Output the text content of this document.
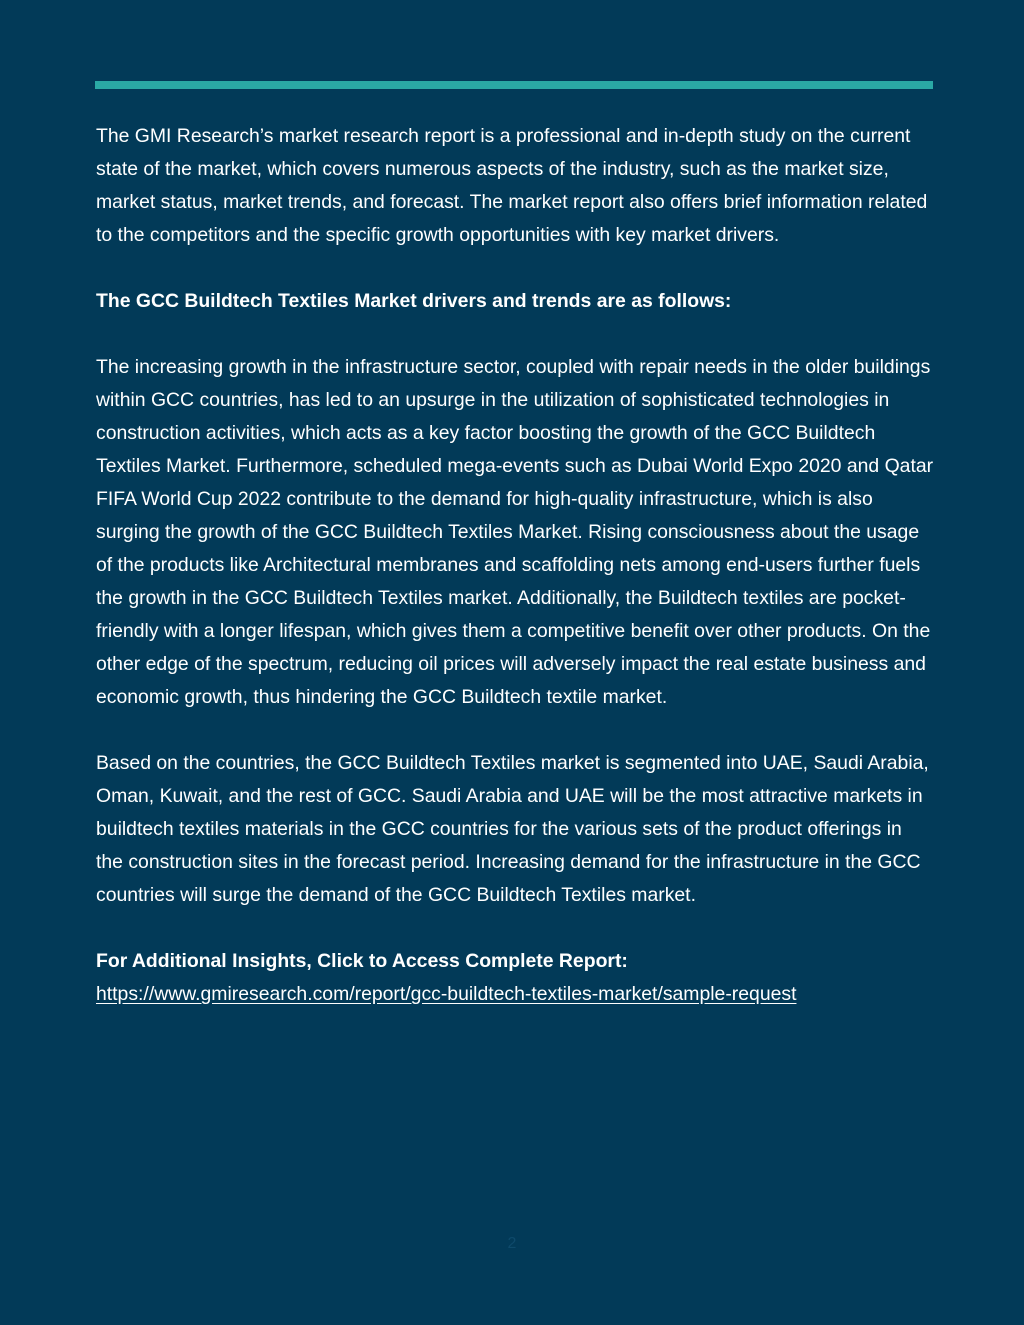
The GMI Research’s market research report is a professional and in-depth study on the current state of the market, which covers numerous aspects of the industry, such as the market size, market status, market trends, and forecast. The market report also offers brief information related to the competitors and the specific growth opportunities with key market drivers.

The GCC Buildtech Textiles Market drivers and trends are as follows:

The increasing growth in the infrastructure sector, coupled with repair needs in the older buildings within GCC countries, has led to an upsurge in the utilization of sophisticated technologies in construction activities, which acts as a key factor boosting the growth of the GCC Buildtech Textiles Market. Furthermore, scheduled mega-events such as Dubai World Expo 2020 and Qatar FIFA World Cup 2022 contribute to the demand for high-quality infrastructure, which is also surging the growth of the GCC Buildtech Textiles Market. Rising consciousness about the usage of the products like Architectural membranes and scaffolding nets among end-users further fuels the growth in the GCC Buildtech Textiles market. Additionally, the Buildtech textiles are pocket-friendly with a longer lifespan, which gives them a competitive benefit over other products. On the other edge of the spectrum, reducing oil prices will adversely impact the real estate business and economic growth, thus hindering the GCC Buildtech textile market.

Based on the countries, the GCC Buildtech Textiles market is segmented into UAE, Saudi Arabia, Oman, Kuwait, and the rest of GCC. Saudi Arabia and UAE will be the most attractive markets in buildtech textiles materials in the GCC countries for the various sets of the product offerings in the construction sites in the forecast period. Increasing demand for the infrastructure in the GCC countries will surge the demand of the GCC Buildtech Textiles market.

For Additional Insights, Click to Access Complete Report:

https://www.gmiresearch.com/report/gcc-buildtech-textiles-market/sample-request

2
